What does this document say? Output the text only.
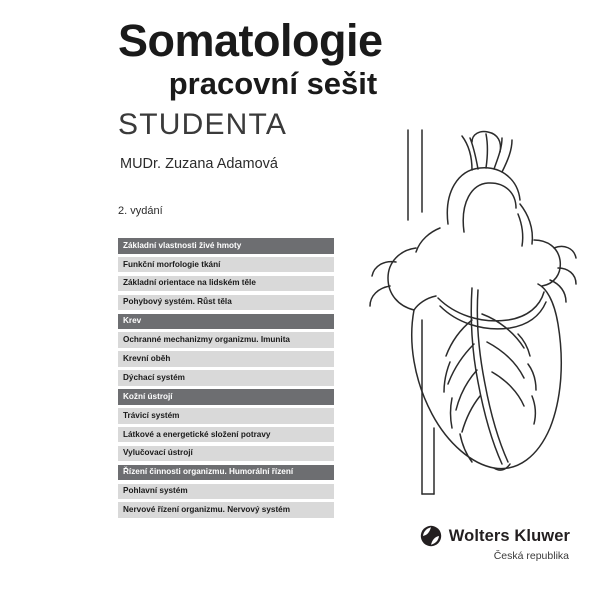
Somatologie
pracovní sešit
STUDENTA
MUDr. Zuzana Adamová
2. vydání
Základní vlastnosti živé hmoty
Funkční morfologie tkání
Základní orientace na lidském těle
Pohybový systém. Růst těla
Krev
Ochranné mechanizmy organizmu. Imunita
Krevní oběh
Dýchací systém
Kožní ústrojí
Trávicí systém
Látkové a energetické složení potravy
Vylučovací ústrojí
Řízení činnosti organizmu. Humorální řízení
Pohlavní systém
Nervové řízení organizmu. Nervový systém
Wolters Kluwer
Česká republika
